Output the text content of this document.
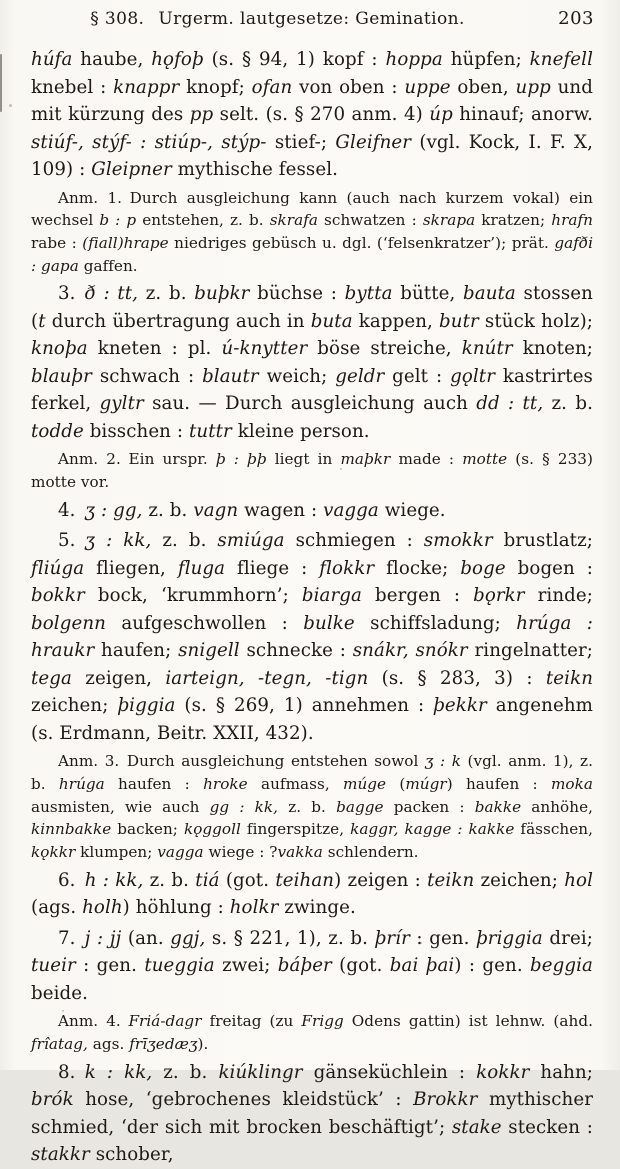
§ 308. Urgerm. lautgesetze: Gemination.	203

húfa haube, hǫfoþ (s. § 94, 1) kopf : hoppa hüpfen; knefell knebel : knappr knopf; ofan von oben : uppe oben, upp und mit kürzung des pp selt. (s. § 270 anm. 4) úp hinauf; anorw. stiúf-, stýf- : stiúp-, stýp- stief-; Gleifner (vgl. Kock, I. F. X, 109) : Gleipner mythische fessel.

Anm. 1. Durch ausgleichung kann (auch nach kurzem vokal) ein wechsel b : p entstehen, z. b. skrafa schwatzen : skrapa kratzen; hrafn rabe : (fiall)hrape niedriges gebüsch u. dgl. (‘felsenkratzer’); prät. gafði : gapa gaffen.

3. ð : tt, z. b. buþkr büchse : bytta bütte, bauta stossen (t durch übertragung auch in buta kappen, butr stück holz); knoþa kneten : pl. ú-knytter böse streiche, knútr knoten; blauþr schwach : blautr weich; geldr gelt : gǫltr kastrirtes ferkel, gyltr sau. — Durch ausgleichung auch dd : tt, z. b. todde bisschen : tuttr kleine person.

Anm. 2. Ein urspr. þ : þþ liegt in maþkr made : motte (s. § 233) motte vor.

4. ʒ : gg, z. b. vagn wagen : vagga wiege.

5. ʒ : kk, z. b. smiúga schmiegen : smokkr brustlatz; fliúga fliegen, fluga fliege : flokkr flocke; boge bogen : bokkr bock, ‘krummhorn’; biarga bergen : bǫrkr rinde; bolgenn aufgeschwollen : bulke schiffsladung; hrúga : hraukr haufen; snigell schnecke : snákr, snókr ringelnatter; tega zeigen, iarteign, -tegn, -tign (s. § 283, 3) : teikn zeichen; þiggia (s. § 269, 1) annehmen : þekkr angenehm (s. Erdmann, Beitr. XXII, 432).

Anm. 3. Durch ausgleichung entstehen sowol ʒ : k (vgl. anm. 1), z. b. hrúga haufen : hroke aufmass, múge (múgr) haufen : moka ausmisten, wie auch gg : kk, z. b. bagge packen : bakke anhöhe, kinnbakke backen; kǫggoll fingerspitze, kaggr, kagge : kakke fässchen, kǫkkr klumpen; vagga wiege : ?vakka schlendern.

6. h : kk, z. b. tiá (got. teihan) zeigen : teikn zeichen; hol (ags. holh) höhlung : holkr zwinge.

7. j : jj (an. ggj, s. § 221, 1), z. b. þrír : gen. þriggia drei; tueir : gen. tueggia zwei; báþer (got. bai þai) : gen. beggia beide.

Anm. 4. Friá-dagr freitag (zu Frigg Odens gattin) ist lehnw. (ahd. frîatag, ags. frīʒedæʒ).

8. k : kk, z. b. kiúklingr gänseküchlein : kokkr hahn; brók hose, ‘gebrochenes kleidstück’ : Brokkr mythischer schmied, ‘der sich mit brocken beschäftigt’; stake stecken : stakkr schober,
